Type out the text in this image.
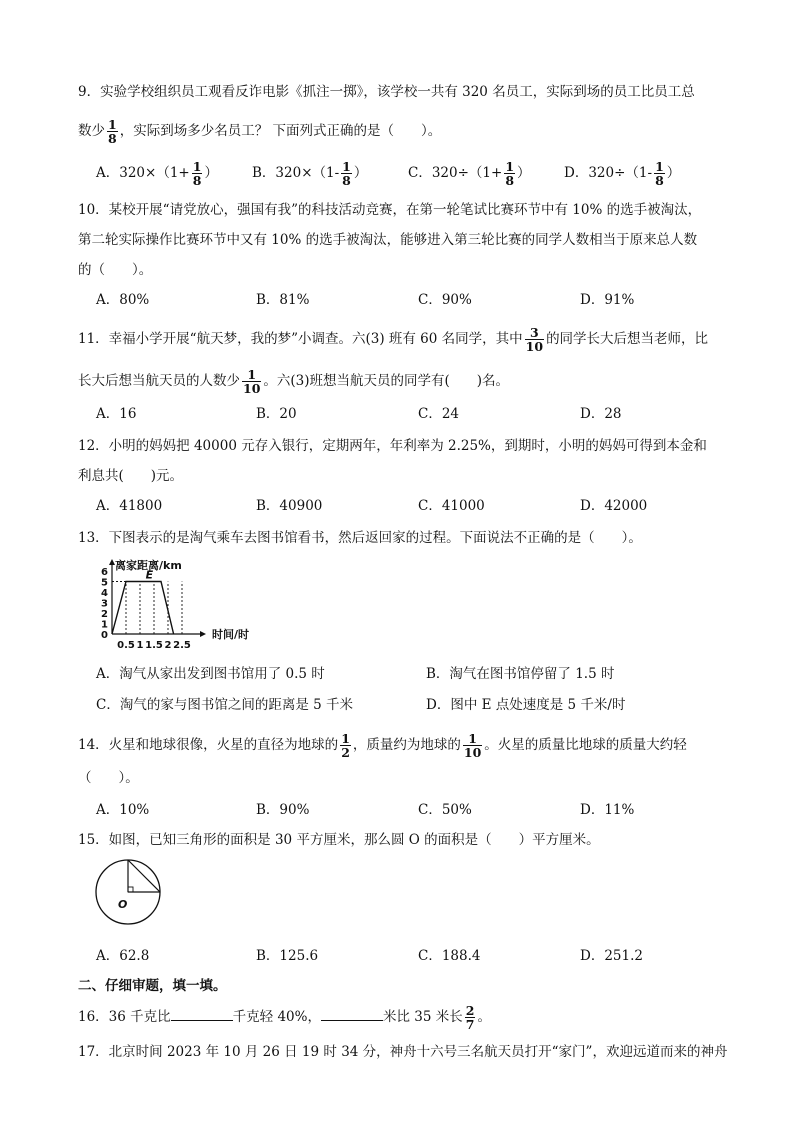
9．实验学校组织员工观看反诈电影《抓注一掷》，该学校一共有 320 名员工，实际到场的员工比员工总
数少 $\frac{1}{8}$ ，实际到场多少名员工？ 下面列式正确的是（　　）。
A．$320\times(1+ \frac{1}{8}$ ）	B．$320\times(1- \frac{1}{8}$ ）	C．$320\div(1+ \frac{1}{8}$ ） D．$320\div(1- \frac{1}{8}$ ）
10．某校开展“请党放心，强国有我”的科技活动竞赛，在第一轮笔试比赛环节中有 10% 的选手被淘汰，
第二轮实际操作比赛环节中又有 10% 的选手被淘汰，能够进入第三轮比赛的同学人数相当于原来总人数
的（　　）。
A．80%	B．81%	C．90%	D．91%
11．幸福小学开展“航天梦，我的梦”小调查。六(3) 班有 60 名同学，其中 $\frac{3}{10}$ 的同学长大后想当老师，比
长大后想当航天员的人数少 $\frac{1}{10}$ 。六(3)班想当航天员的同学有(　　)名。
A．16	B．20	C．24	D．28
12．小明的妈妈把 40000 元存入银行，定期两年，年利率为 2.25%，到期时，小明的妈妈可得到本金和
利息共(　　)元。
A．41800	B．40900	C．41000	D．42000
13．下图表示的是淘气乘车去图书馆看书，然后返回家的过程。下面说法不正确的是（　　）。
离家距离/km
时间/时
0
1
2
3
4
5
6
0.5 1 1.5 2 2.5
E
A．淘气从家出发到图书馆用了 0.5 时	B．淘气在图书馆停留了 1.5 时
C．淘气的家与图书馆之间的距离是 5 千米	D．图中 E 点处速度是 5 千米/时
14．火星和地球很像，火星的直径为地球的 $\frac{1}{2}$ ，质量约为地球的 $\frac{1}{10}$ 。火星的质量比地球的质量大约轻
（　　）。
A．10%	B．90%	C．50%	D．11%
15．如图，已知三角形的面积是 30 平方厘米，那么圆 O 的面积是（　　）平方厘米。
O
A．62.8	B．125.6	C．188.4	D．251.2
二、仔细审题，填一填。
16．36 千克比	千克轻 40%，	米比 35 米长 $\frac{2}{7}$ 。
17．北京时间 2023 年 10 月 26 日 19 时 34 分，神舟十六号三名航天员打开“家门”，欢迎远道而来的神舟
